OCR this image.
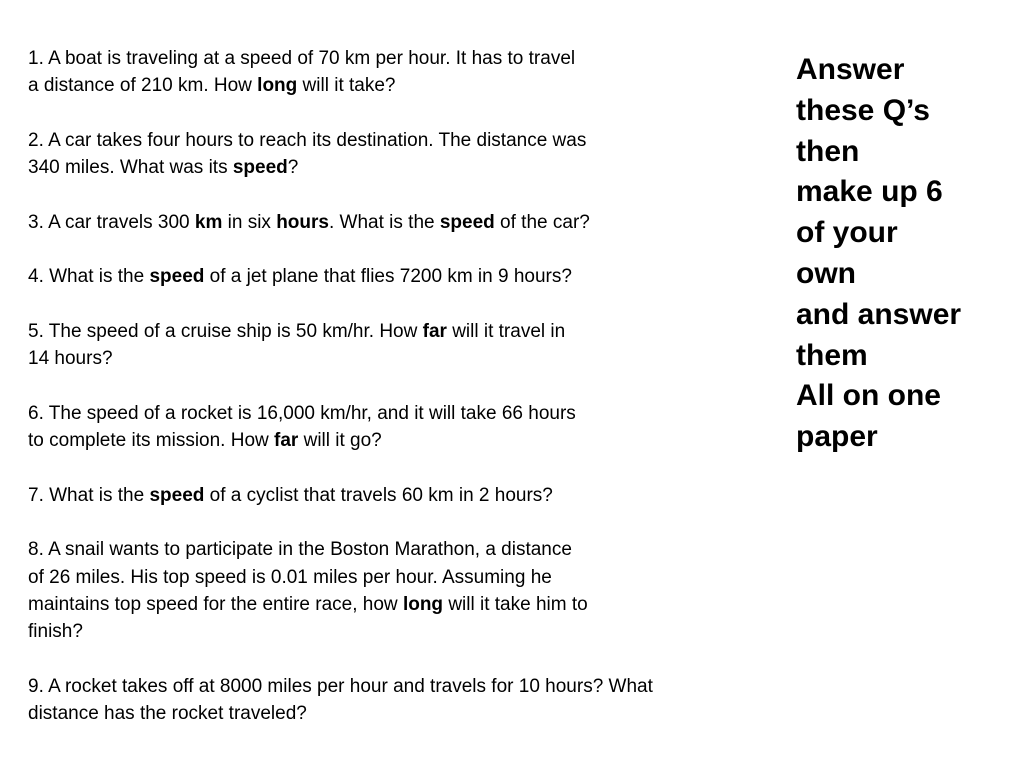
1. A boat is traveling at a speed of 70 km per hour. It has to travel
a distance of 210 km. How long will it take?
2. A car takes four hours to reach its destination. The distance was
340 miles. What was its speed?
3. A car travels 300 km in six hours. What is the speed of the car?
4. What is the speed of a jet plane that flies 7200 km in 9 hours?
5. The speed of a cruise ship is 50 km/hr. How far will it travel in
14 hours?
6. The speed of a rocket is 16,000 km/hr, and it will take 66 hours
to complete its mission. How far will it go?
7. What is the speed of a cyclist that travels 60 km in 2 hours?
8. A snail wants to participate in the Boston Marathon, a distance
of 26 miles. His top speed is 0.01 miles per hour. Assuming he
maintains top speed for the entire race, how long will it take him to
finish?
9. A rocket takes off at 8000 miles per hour and travels for 10 hours? What
distance has the rocket traveled?
Answer
these Q’s
then
make up 6
of your
own
and answer
them
All on one
paper
